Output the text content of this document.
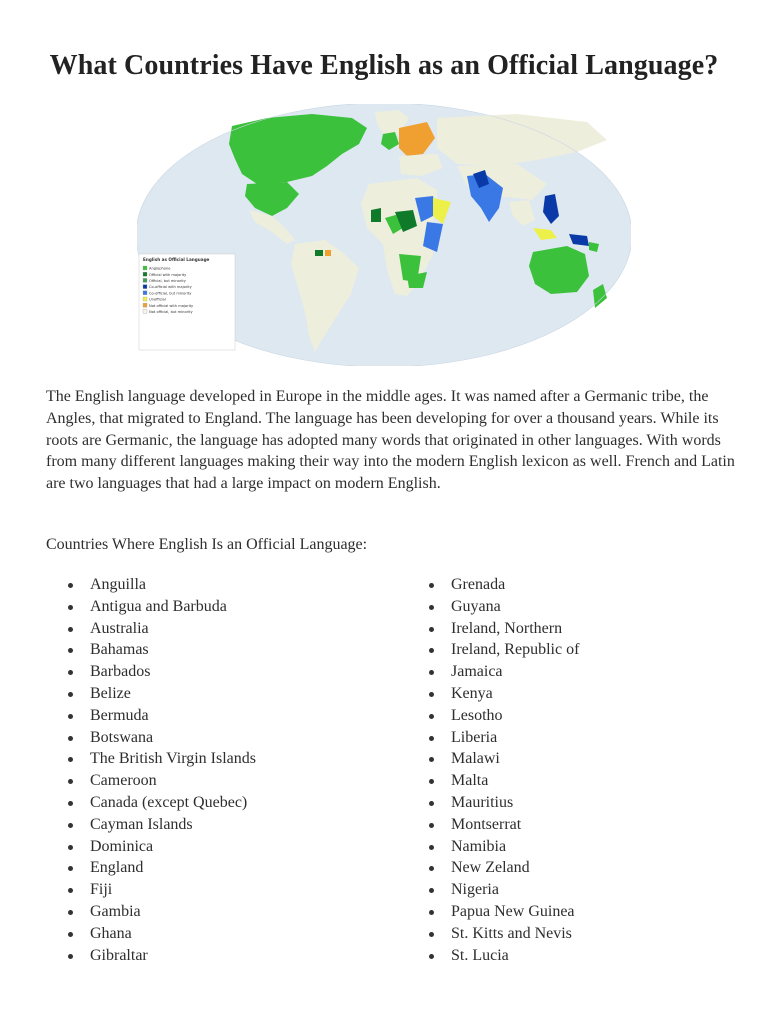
What Countries Have English as an Official Language?
English as Official Language
Anglophone
Official with majority
Official, but minority
Co-official with majority
Co-official, but minority
Unofficial
Not official with majority
Not official, but minority

The English language developed in Europe in the middle ages. It was named after a Germanic tribe, the Angles, that migrated to England. The language has been developing for over a thousand years. While its roots are Germanic, the language has adopted many words that originated in other languages. With words from many different languages making their way into the modern English lexicon as well. French and Latin are two languages that had a large impact on modern English.

Countries Where English Is an Official Language:

Anguilla
Antigua and Barbuda
Australia
Bahamas
Barbados
Belize
Bermuda
Botswana
The British Virgin Islands
Cameroon
Canada (except Quebec)
Cayman Islands
Dominica
England
Fiji
Gambia
Ghana
Gibraltar
Grenada
Guyana
Ireland, Northern
Ireland, Republic of
Jamaica
Kenya
Lesotho
Liberia
Malawi
Malta
Mauritius
Montserrat
Namibia
New Zeland
Nigeria
Papua New Guinea
St. Kitts and Nevis
St. Lucia
